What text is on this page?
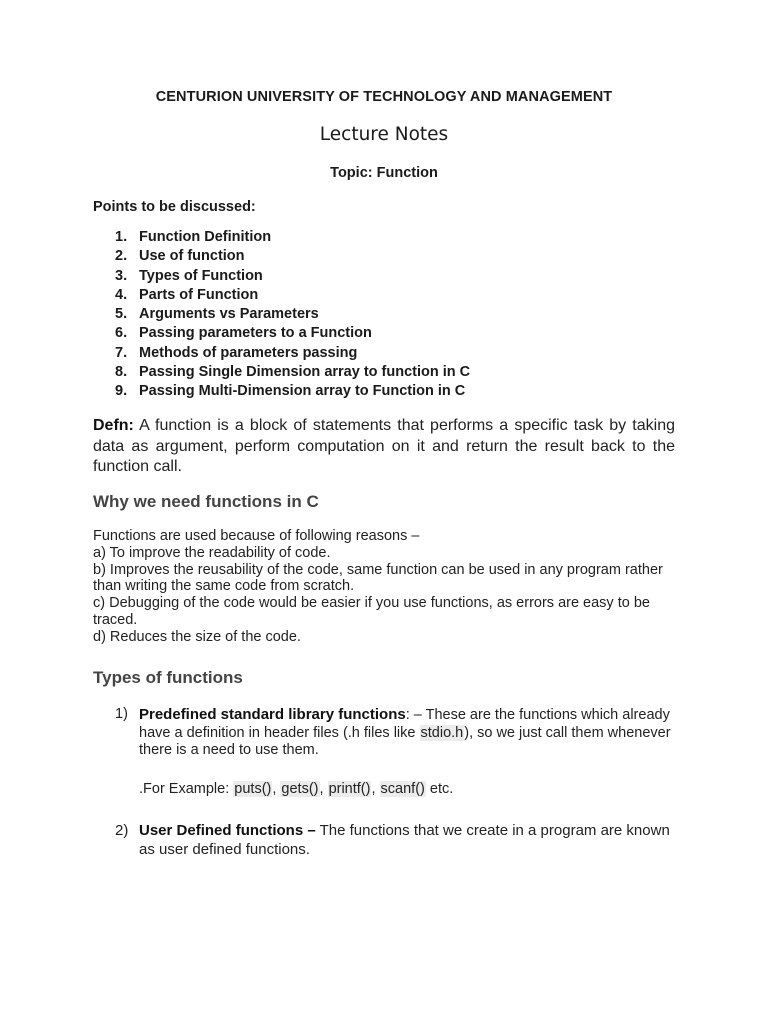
CENTURION UNIVERSITY OF TECHNOLOGY AND MANAGEMENT
Lecture Notes
Topic: Function
Points to be discussed:
1. Function Definition
2. Use of function
3. Types of Function
4. Parts of Function
5. Arguments vs Parameters
6. Passing parameters to a Function
7. Methods of parameters passing
8. Passing Single Dimension array to function in C
9. Passing Multi-Dimension array to Function in C
Defn: A function is a block of statements that performs a specific task by taking data as argument, perform computation on it and return the result back to the function call.
Why we need functions in C
Functions are used because of following reasons –
a) To improve the readability of code.
b) Improves the reusability of the code, same function can be used in any program rather than writing the same code from scratch.
c) Debugging of the code would be easier if you use functions, as errors are easy to be traced.
d) Reduces the size of the code.
Types of functions
1) Predefined standard library functions: – These are the functions which already have a definition in header files (.h files like stdio.h), so we just call them whenever there is a need to use them.
.For Example: puts(), gets(), printf(), scanf() etc.
2) User Defined functions – The functions that we create in a program are known as user defined functions.
